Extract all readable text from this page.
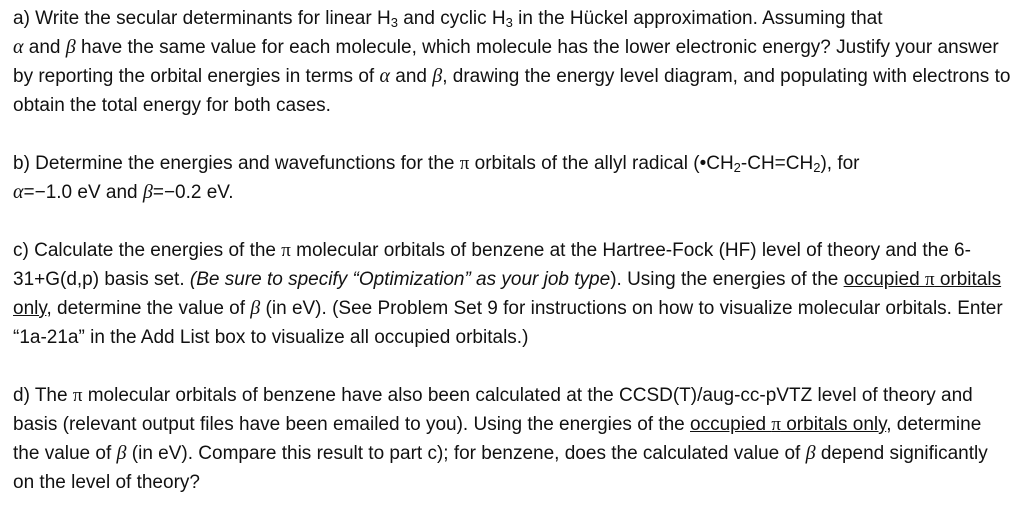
a) Write the secular determinants for linear $H_3$ and cyclic $H_3$ in the Hückel approximation. Assuming that
α and β have the same value for each molecule, which molecule has the lower electronic energy? Justify your answer by reporting the orbital energies in terms of α and β, drawing the energy level diagram, and populating with electrons to obtain the total energy for both cases.

b) Determine the energies and wavefunctions for the π orbitals of the allyl radical $(•CH_2-CH=CH_2)$, for
α=−1.0 eV and β=−0.2 eV.

c) Calculate the energies of the π molecular orbitals of benzene at the Hartree-Fock (HF) level of theory and the 6-31+G(d,p) basis set. (Be sure to specify “Optimization” as your job type). Using the energies of the occupied π orbitals only, determine the value of β (in eV). (See Problem Set 9 for instructions on how to visualize molecular orbitals. Enter “1a-21a” in the Add List box to visualize all occupied orbitals.)

d) The π molecular orbitals of benzene have also been calculated at the CCSD(T)/aug-cc-pVTZ level of theory and basis (relevant output files have been emailed to you). Using the energies of the occupied π orbitals only, determine the value of β (in eV). Compare this result to part c); for benzene, does the calculated value of β depend significantly on the level of theory?
